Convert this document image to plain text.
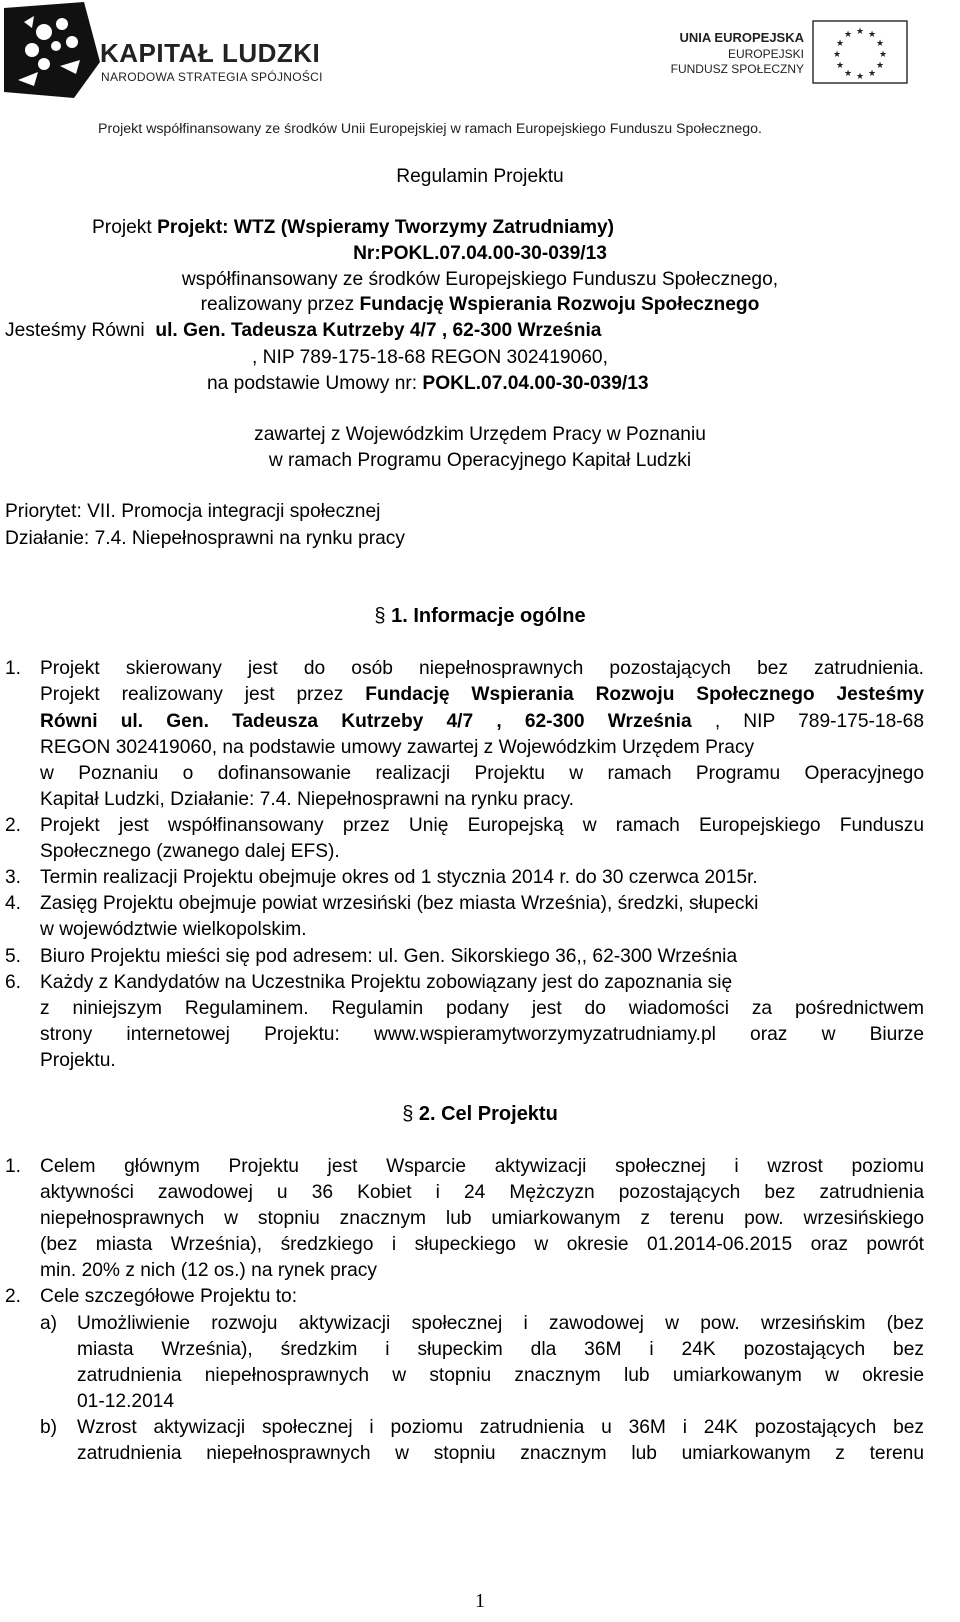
KAPITAŁ LUDZKI
NARODOWA STRATEGIA SPÓJNOŚCI
UNIA EUROPEJSKA
EUROPEJSKI
FUNDUSZ SPOŁECZNY
★ ★
★
★
★
★
★
★
★
★
★
★
Projekt współfinansowany ze środków Unii Europejskiej w ramach Europejskiego Funduszu Społecznego.
Regulamin Projektu
Projekt Projekt: WTZ (Wspieramy Tworzymy Zatrudniamy)
Nr:POKL.07.04.00-30-039/13
współfinansowany ze środków Europejskiego Funduszu Społecznego,
realizowany przez Fundację Wspierania Rozwoju Społecznego
Jesteśmy Równi ul. Gen. Tadeusza Kutrzeby 4/7 , 62-300 Września
, NIP 789-175-18-68 REGON 302419060,
na podstawie Umowy nr: POKL.07.04.00-30-039/13
zawartej z Wojewódzkim Urzędem Pracy w Poznaniu
w ramach Programu Operacyjnego Kapitał Ludzki
Priorytet: VII. Promocja integracji społecznej
Działanie: 7.4. Niepełnosprawni na rynku pracy
§ 1. Informacje ogólne
1. Projekt skierowany jest do osób niepełnosprawnych pozostających bez zatrudnienia.
Projekt realizowany jest przez Fundację Wspierania Rozwoju Społecznego Jesteśmy
Równi ul. Gen. Tadeusza Kutrzeby 4/7 , 62-300 Września , NIP 789-175-18-68
REGON 302419060, na podstawie umowy zawartej z Wojewódzkim Urzędem Pracy
w Poznaniu o dofinansowanie realizacji Projektu w ramach Programu Operacyjnego
Kapitał Ludzki, Działanie: 7.4. Niepełnosprawni na rynku pracy.
2. Projekt jest współfinansowany przez Unię Europejską w ramach Europejskiego Funduszu
Społecznego (zwanego dalej EFS).
3. Termin realizacji Projektu obejmuje okres od 1 stycznia 2014 r. do 30 czerwca 2015r.
4. Zasięg Projektu obejmuje powiat wrzesiński (bez miasta Września), średzki, słupecki
w województwie wielkopolskim.
5. Biuro Projektu mieści się pod adresem: ul. Gen. Sikorskiego 36,, 62-300 Września
6. Każdy z Kandydatów na Uczestnika Projektu zobowiązany jest do zapoznania się
z niniejszym Regulaminem. Regulamin podany jest do wiadomości za pośrednictwem
strony internetowej Projektu: www.wspieramytworzymyzatrudniamy.pl oraz w Biurze
Projektu.
§ 2. Cel Projektu
1. Celem głównym Projektu jest Wsparcie aktywizacji społecznej i wzrost poziomu
aktywności zawodowej u 36 Kobiet i 24 Mężczyzn pozostających bez zatrudnienia
niepełnosprawnych w stopniu znacznym lub umiarkowanym z terenu pow. wrzesińskiego
(bez miasta Września), średzkiego i słupeckiego w okresie 01.2014-06.2015 oraz powrót
min. 20% z nich (12 os.) na rynek pracy
2. Cele szczegółowe Projektu to:
a) Umożliwienie rozwoju aktywizacji społecznej i zawodowej w pow. wrzesińskim (bez
miasta Września), średzkim i słupeckim dla 36M i 24K pozostających bez
zatrudnienia niepełnosprawnych w stopniu znacznym lub umiarkowanym w okresie
01-12.2014
b) Wzrost aktywizacji społecznej i poziomu zatrudnienia u 36M i 24K pozostających bez
zatrudnienia niepełnosprawnych w stopniu znacznym lub umiarkowanym z terenu
1
